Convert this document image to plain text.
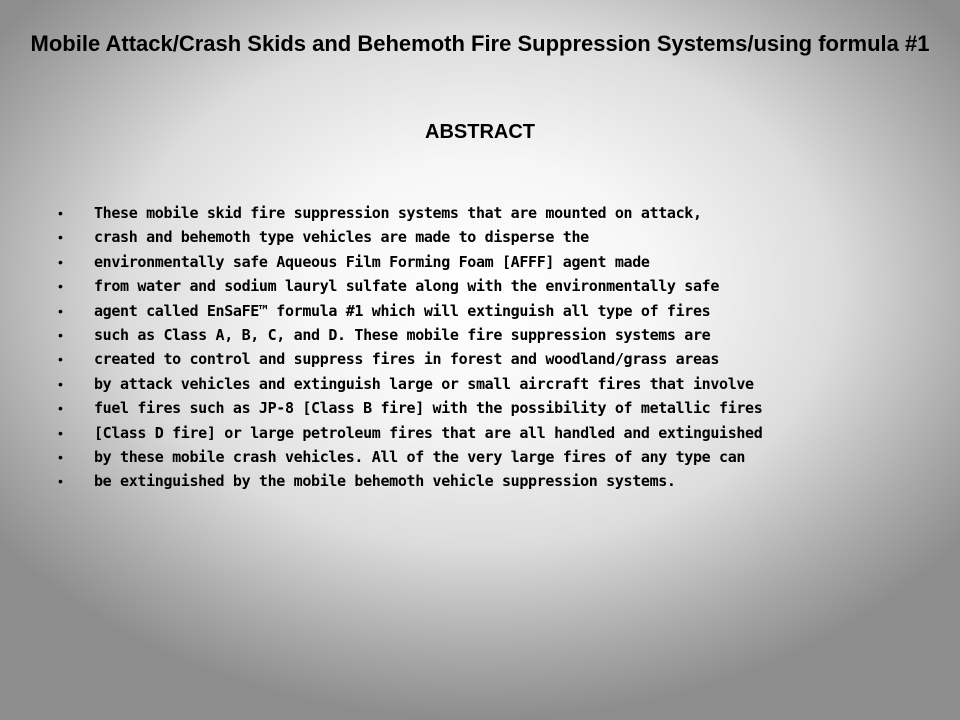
Mobile Attack/Crash Skids and Behemoth Fire Suppression Systems/using formula #1
ABSTRACT
• These mobile skid fire suppression systems that are mounted on attack,
• crash and behemoth type vehicles are made to disperse the
• environmentally safe Aqueous Film Forming Foam [AFFF] agent made
• from water and sodium lauryl sulfate along with the environmentally safe
• agent called EnSaFE™ formula #1 which will extinguish all type of fires
• such as Class A, B, C, and D. These mobile fire suppression systems are
• created to control and suppress fires in forest and woodland/grass areas
• by attack vehicles and extinguish large or small aircraft fires that involve
• fuel fires such as JP-8 [Class B fire] with the possibility of metallic fires
• [Class D fire] or large petroleum fires that are all handled and extinguished
• by these mobile crash vehicles. All of the very large fires of any type can
• be extinguished by the mobile behemoth vehicle suppression systems.
